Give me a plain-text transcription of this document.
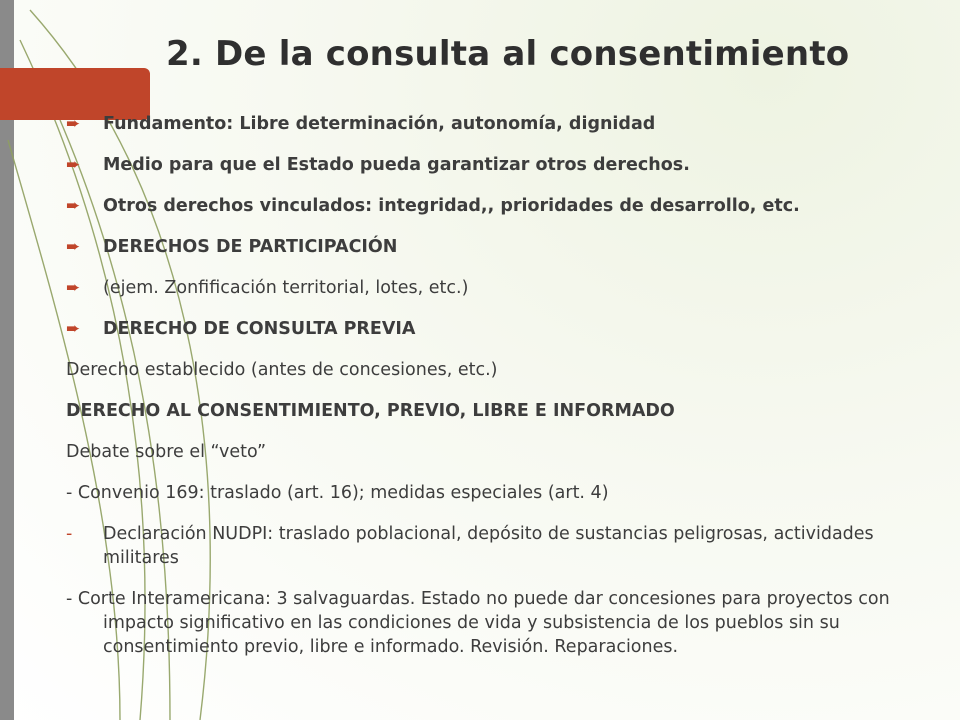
2. De la consulta al consentimiento
➨	Fundamento: Libre determinación, autonomía, dignidad
➨	Medio para que el Estado pueda garantizar otros derechos.
➨	Otros derechos vinculados: integridad,, prioridades de desarrollo, etc.
➨	DERECHOS DE PARTICIPACIÓN
➨	(ejem. Zonfificación territorial, lotes, etc.)
➨	DERECHO DE CONSULTA PREVIA
Derecho establecido (antes de concesiones, etc.)
DERECHO AL CONSENTIMIENTO, PREVIO, LIBRE E INFORMADO
Debate sobre el “veto”
- Convenio 169: traslado (art. 16); medidas especiales (art. 4)
- Declaración NUDPI: traslado poblacional, depósito de sustancias peligrosas, actividades militares
- Corte Interamericana: 3 salvaguardas. Estado no puede dar concesiones para proyectos con impacto significativo en las condiciones de vida y subsistencia de los pueblos sin su consentimiento previo, libre e informado. Revisión. Reparaciones.
